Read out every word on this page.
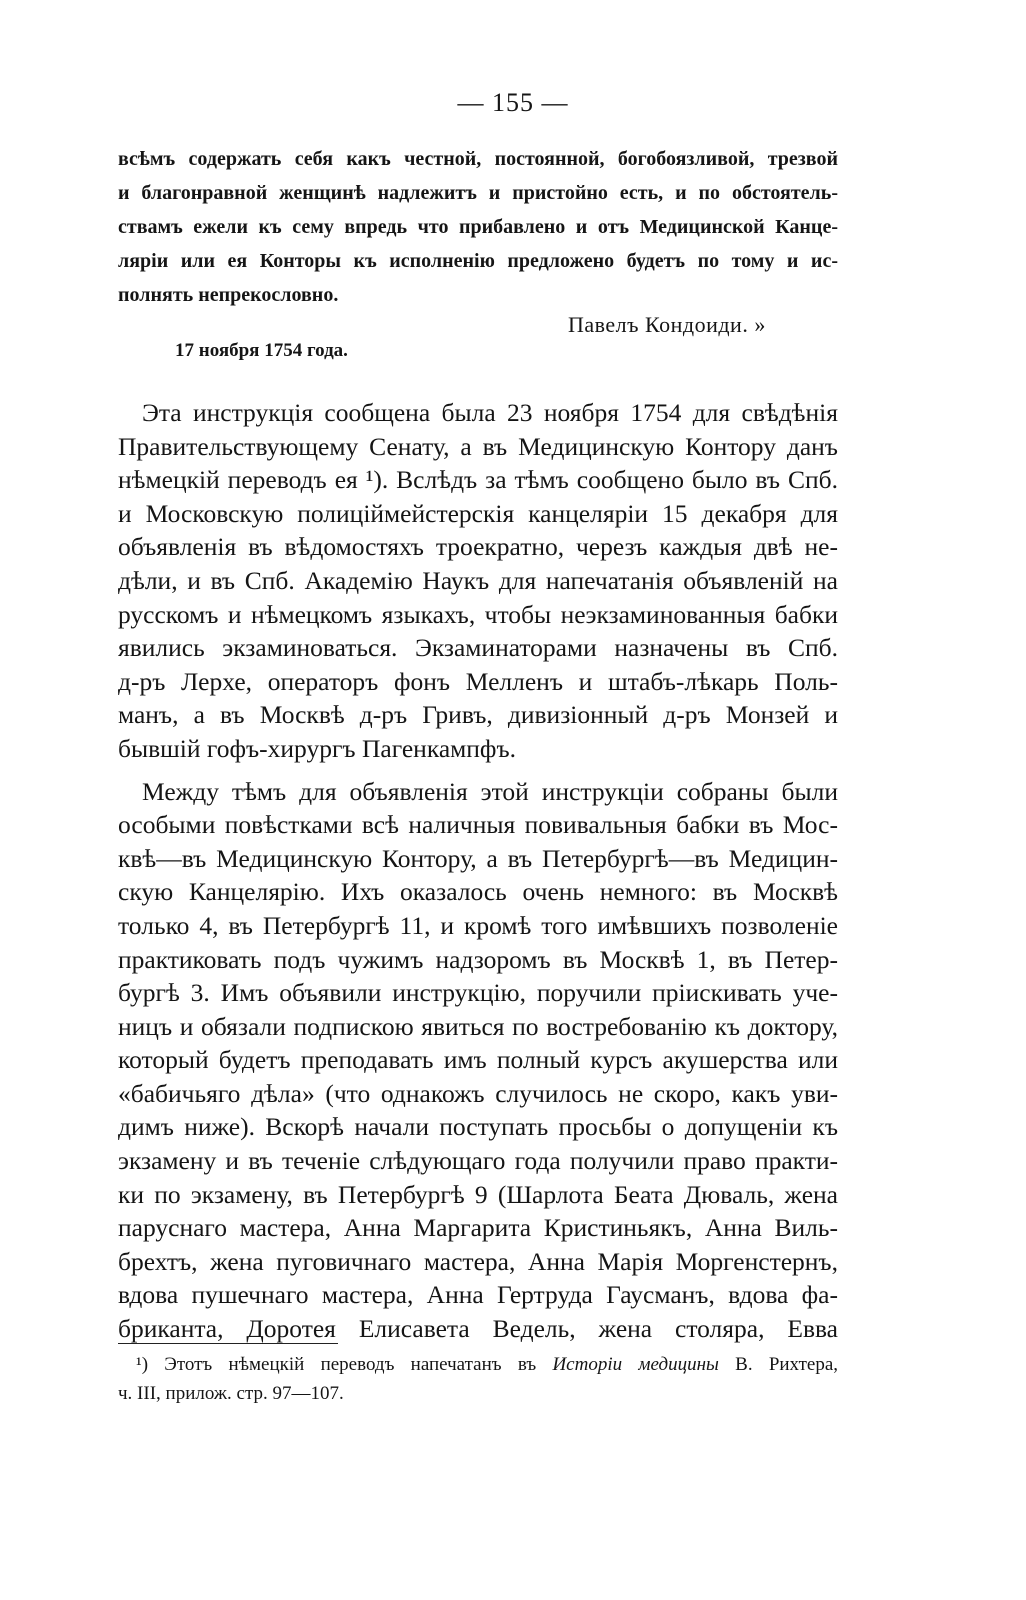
— 155 —
всѣмъ содержать себя какъ честной, постоянной, богобоязливой, трезвой
и благонравной женщинѣ надлежитъ и пристойно есть, и по обстоятель-
ствамъ ежели къ сему впредь что прибавлено и отъ Медицинской Канце-
ляріи или ея Конторы къ исполненію предложено будетъ по тому и ис-
полнять непрекословно.
Павелъ Кондоиди. »
17 ноября 1754 года.
Эта инструкція сообщена была 23 ноября 1754 для свѣдѣнія
Правительствующему Сенату, а въ Медицинскую Контору данъ
нѣмецкій переводъ ея ¹). Вслѣдъ за тѣмъ сообщено было въ Спб.
и Московскую полиціймейстерскія канцеляріи 15 декабря для
объявленія въ вѣдомостяхъ троекратно, черезъ каждыя двѣ не-
дѣли, и въ Спб. Академію Наукъ для напечатанія объявленій на
русскомъ и нѣмецкомъ языкахъ, чтобы неэкзаминованныя бабки
явились экзаминоваться. Экзаминаторами назначены въ Спб.
д-ръ Лерхе, операторъ фонъ Мелленъ и штабъ-лѣкарь Поль-
манъ, а въ Москвѣ д-ръ Гривъ, дивизіонный д-ръ Монзей и
бывшій гофъ-хирургъ Пагенкампфъ.
Между тѣмъ для объявленія этой инструкціи собраны были
особыми повѣстками всѣ наличныя повивальныя бабки въ Мос-
квѣ—въ Медицинскую Контору, а въ Петербургѣ—въ Медицин-
скую Канцелярію. Ихъ оказалось очень немного: въ Москвѣ
только 4, въ Петербургѣ 11, и кромѣ того имѣвшихъ позволеніе
практиковать подъ чужимъ надзоромъ въ Москвѣ 1, въ Петер-
бургѣ 3. Имъ объявили инструкцію, поручили пріискивать уче-
ницъ и обязали подпискою явиться по востребованію къ доктору,
который будетъ преподавать имъ полный курсъ акушерства или
«бабичьяго дѣла» (что однакожъ случилось не скоро, какъ уви-
димъ ниже). Вскорѣ начали поступать просьбы о допущеніи къ
экзамену и въ теченіе слѣдующаго года получили право практи-
ки по экзамену, въ Петербургѣ 9 (Шарлота Беата Дюваль, жена
паруснаго мастера, Анна Маргарита Кристиньякъ, Анна Виль-
брехтъ, жена пуговичнаго мастера, Анна Марія Моргенстернъ,
вдова пушечнаго мастера, Анна Гертруда Гаусманъ, вдова фа-
бриканта, Доротея Елисавета Ведель, жена столяра, Евва
¹) Этотъ нѣмецкій переводъ напечатанъ въ Исторіи медицины В. Рихтера,
ч. III, прилож. стр. 97—107.
